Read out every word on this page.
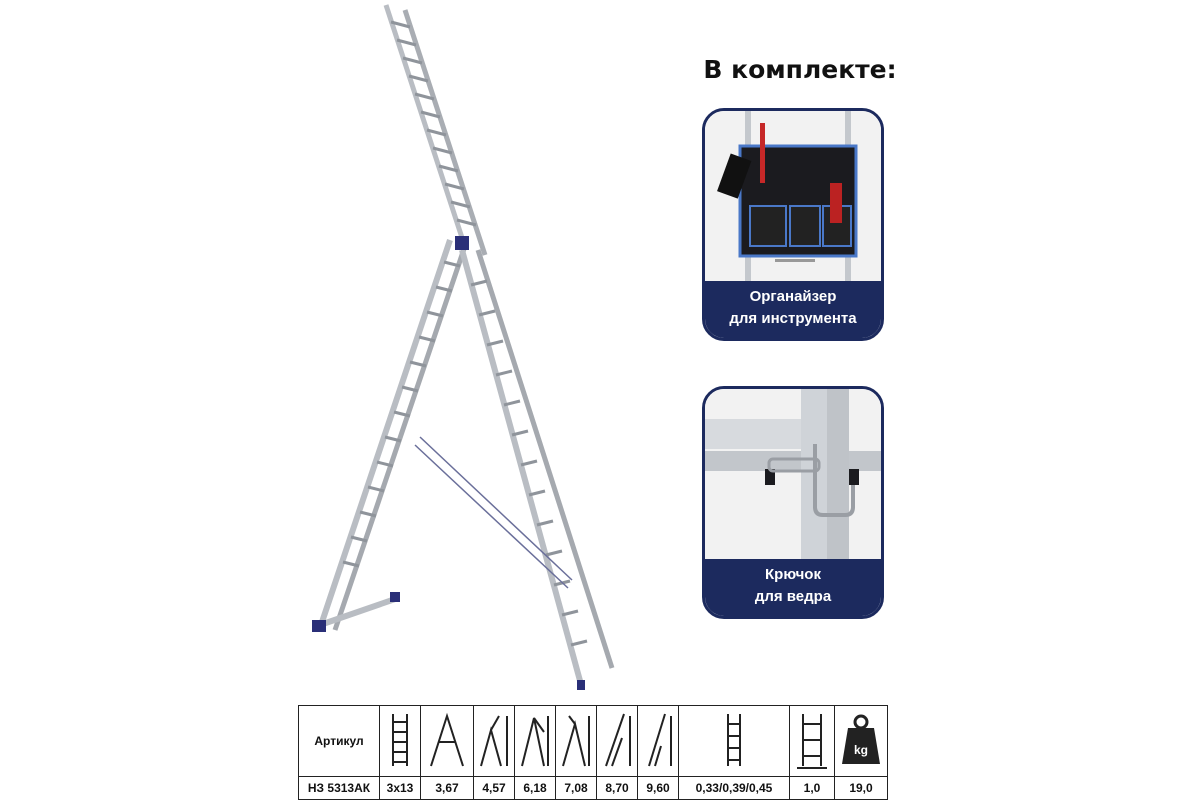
В комплекте:
Органайзер
для инструмента
Крючок
для ведра
Артикул										kg

НЗ 5313АК	3х13	3,67	4,57	6,18	7,08	8,70	9,60	0,33/0,39/0,45	1,0	19,0
